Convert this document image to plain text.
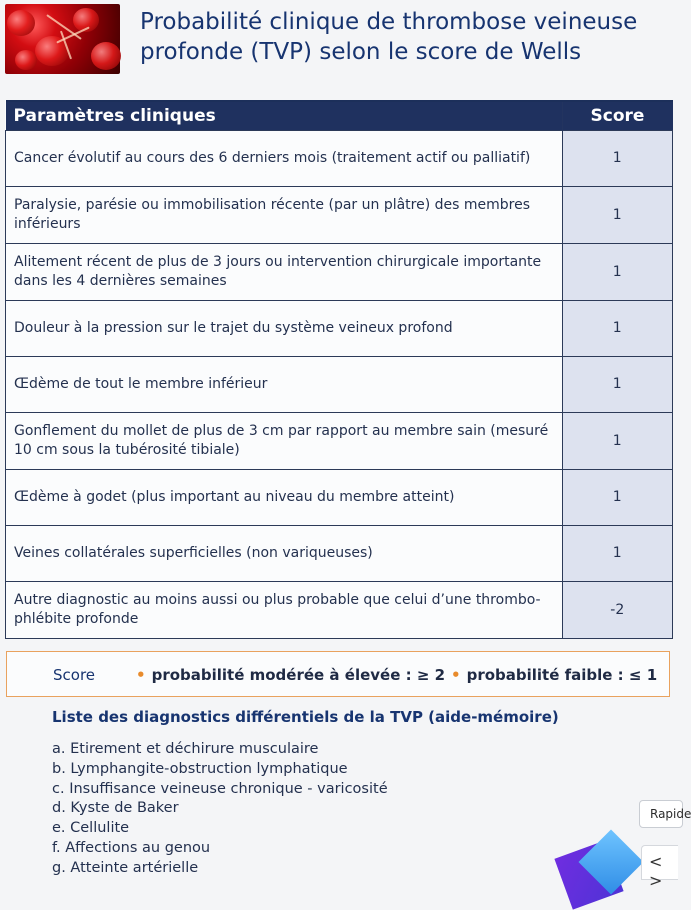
Probabilité clinique de thrombose veineuse
profonde (TVP) selon le score de Wells
Paramètres cliniques	Score
Cancer évolutif au cours des 6 derniers mois (traitement actif ou palliatif)	1
Paralysie, parésie ou immobilisation récente (par un plâtre) des membres inférieurs	1
Alitement récent de plus de 3 jours ou intervention chirurgicale importante dans les 4 dernières semaines	1
Douleur à la pression sur le trajet du système veineux profond	1
Œdème de tout le membre inférieur	1
Gonflement du mollet de plus de 3 cm par rapport au membre sain (mesuré 10 cm sous la tubérosité tibiale)	1
Œdème à godet (plus important au niveau du membre atteint)	1
Veines collatérales superficielles (non variqueuses)	1
Autre diagnostic au moins aussi ou plus probable que celui d’une thrombo-phlébite profonde	-2
Score	• probabilité modérée à élevée : ≥ 2 • probabilité faible : ≤ 1
Liste des diagnostics différentiels de la TVP (aide-mémoire)
a. Etirement et déchirure musculaire
b. Lymphangite-obstruction lymphatique
c. Insuffisance veineuse chronique - varicosité
d. Kyste de Baker
e. Cellulite
f. Affections au genou
g. Atteinte artérielle
Rapide
< >
